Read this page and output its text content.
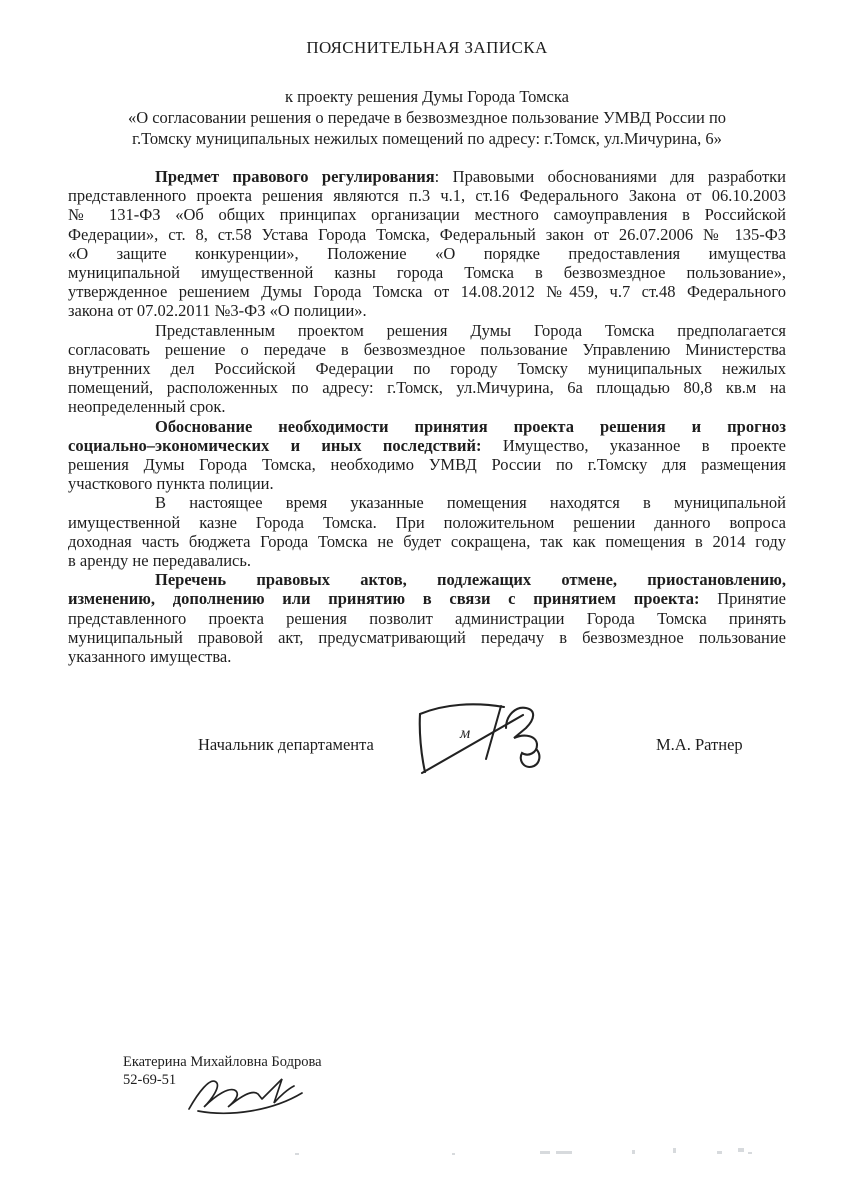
ПОЯСНИТЕЛЬНАЯ ЗАПИСКА
к проекту решения Думы Города Томска
«О согласовании решения о передаче в безвозмездное пользование УМВД России по
г.Томску муниципальных нежилых помещений по адресу: г.Томск, ул.Мичурина, 6»
Предмет правового регулирования: Правовыми обоснованиями для разработки
представленного проекта решения являются п.3 ч.1, ст.16 Федерального Закона от 06.10.2003
№ 131-ФЗ «Об общих принципах организации местного самоуправления в Российской
Федерации», ст. 8, ст.58 Устава Города Томска, Федеральный закон от 26.07.2006 № 135-ФЗ
«О защите конкуренции», Положение «О порядке предоставления имущества
муниципальной имущественной казны города Томска в безвозмездное пользование»,
утвержденное решением Думы Города Томска от 14.08.2012 №459, ч.7 ст.48 Федерального
закона от 07.02.2011 №3-ФЗ «О полиции».
Представленным проектом решения Думы Города Томска предполагается
согласовать решение о передаче в безвозмездное пользование Управлению Министерства
внутренних дел Российской Федерации по городу Томску муниципальных нежилых
помещений, расположенных по адресу: г.Томск, ул.Мичурина, 6а площадью 80,8 кв.м на
неопределенный срок.
Обоснование необходимости принятия проекта решения и прогноз
социально–экономических и иных последствий: Имущество, указанное в проекте
решения Думы Города Томска, необходимо УМВД России по г.Томску для размещения
участкового пункта полиции.
В настоящее время указанные помещения находятся в муниципальной
имущественной казне Города Томска. При положительном решении данного вопроса
доходная часть бюджета Города Томска не будет сокращена, так как помещения в 2014 году
в аренду не передавались.
Перечень правовых актов, подлежащих отмене, приостановлению,
изменению, дополнению или принятию в связи с принятием проекта: Принятие
представленного проекта решения позволит администрации Города Томска принять
муниципальный правовой акт, предусматривающий передачу в безвозмездное пользование
указанного имущества.
Начальник департамента
м
М.А. Ратнер
Екатерина Михайловна Бодрова
52-69-51
